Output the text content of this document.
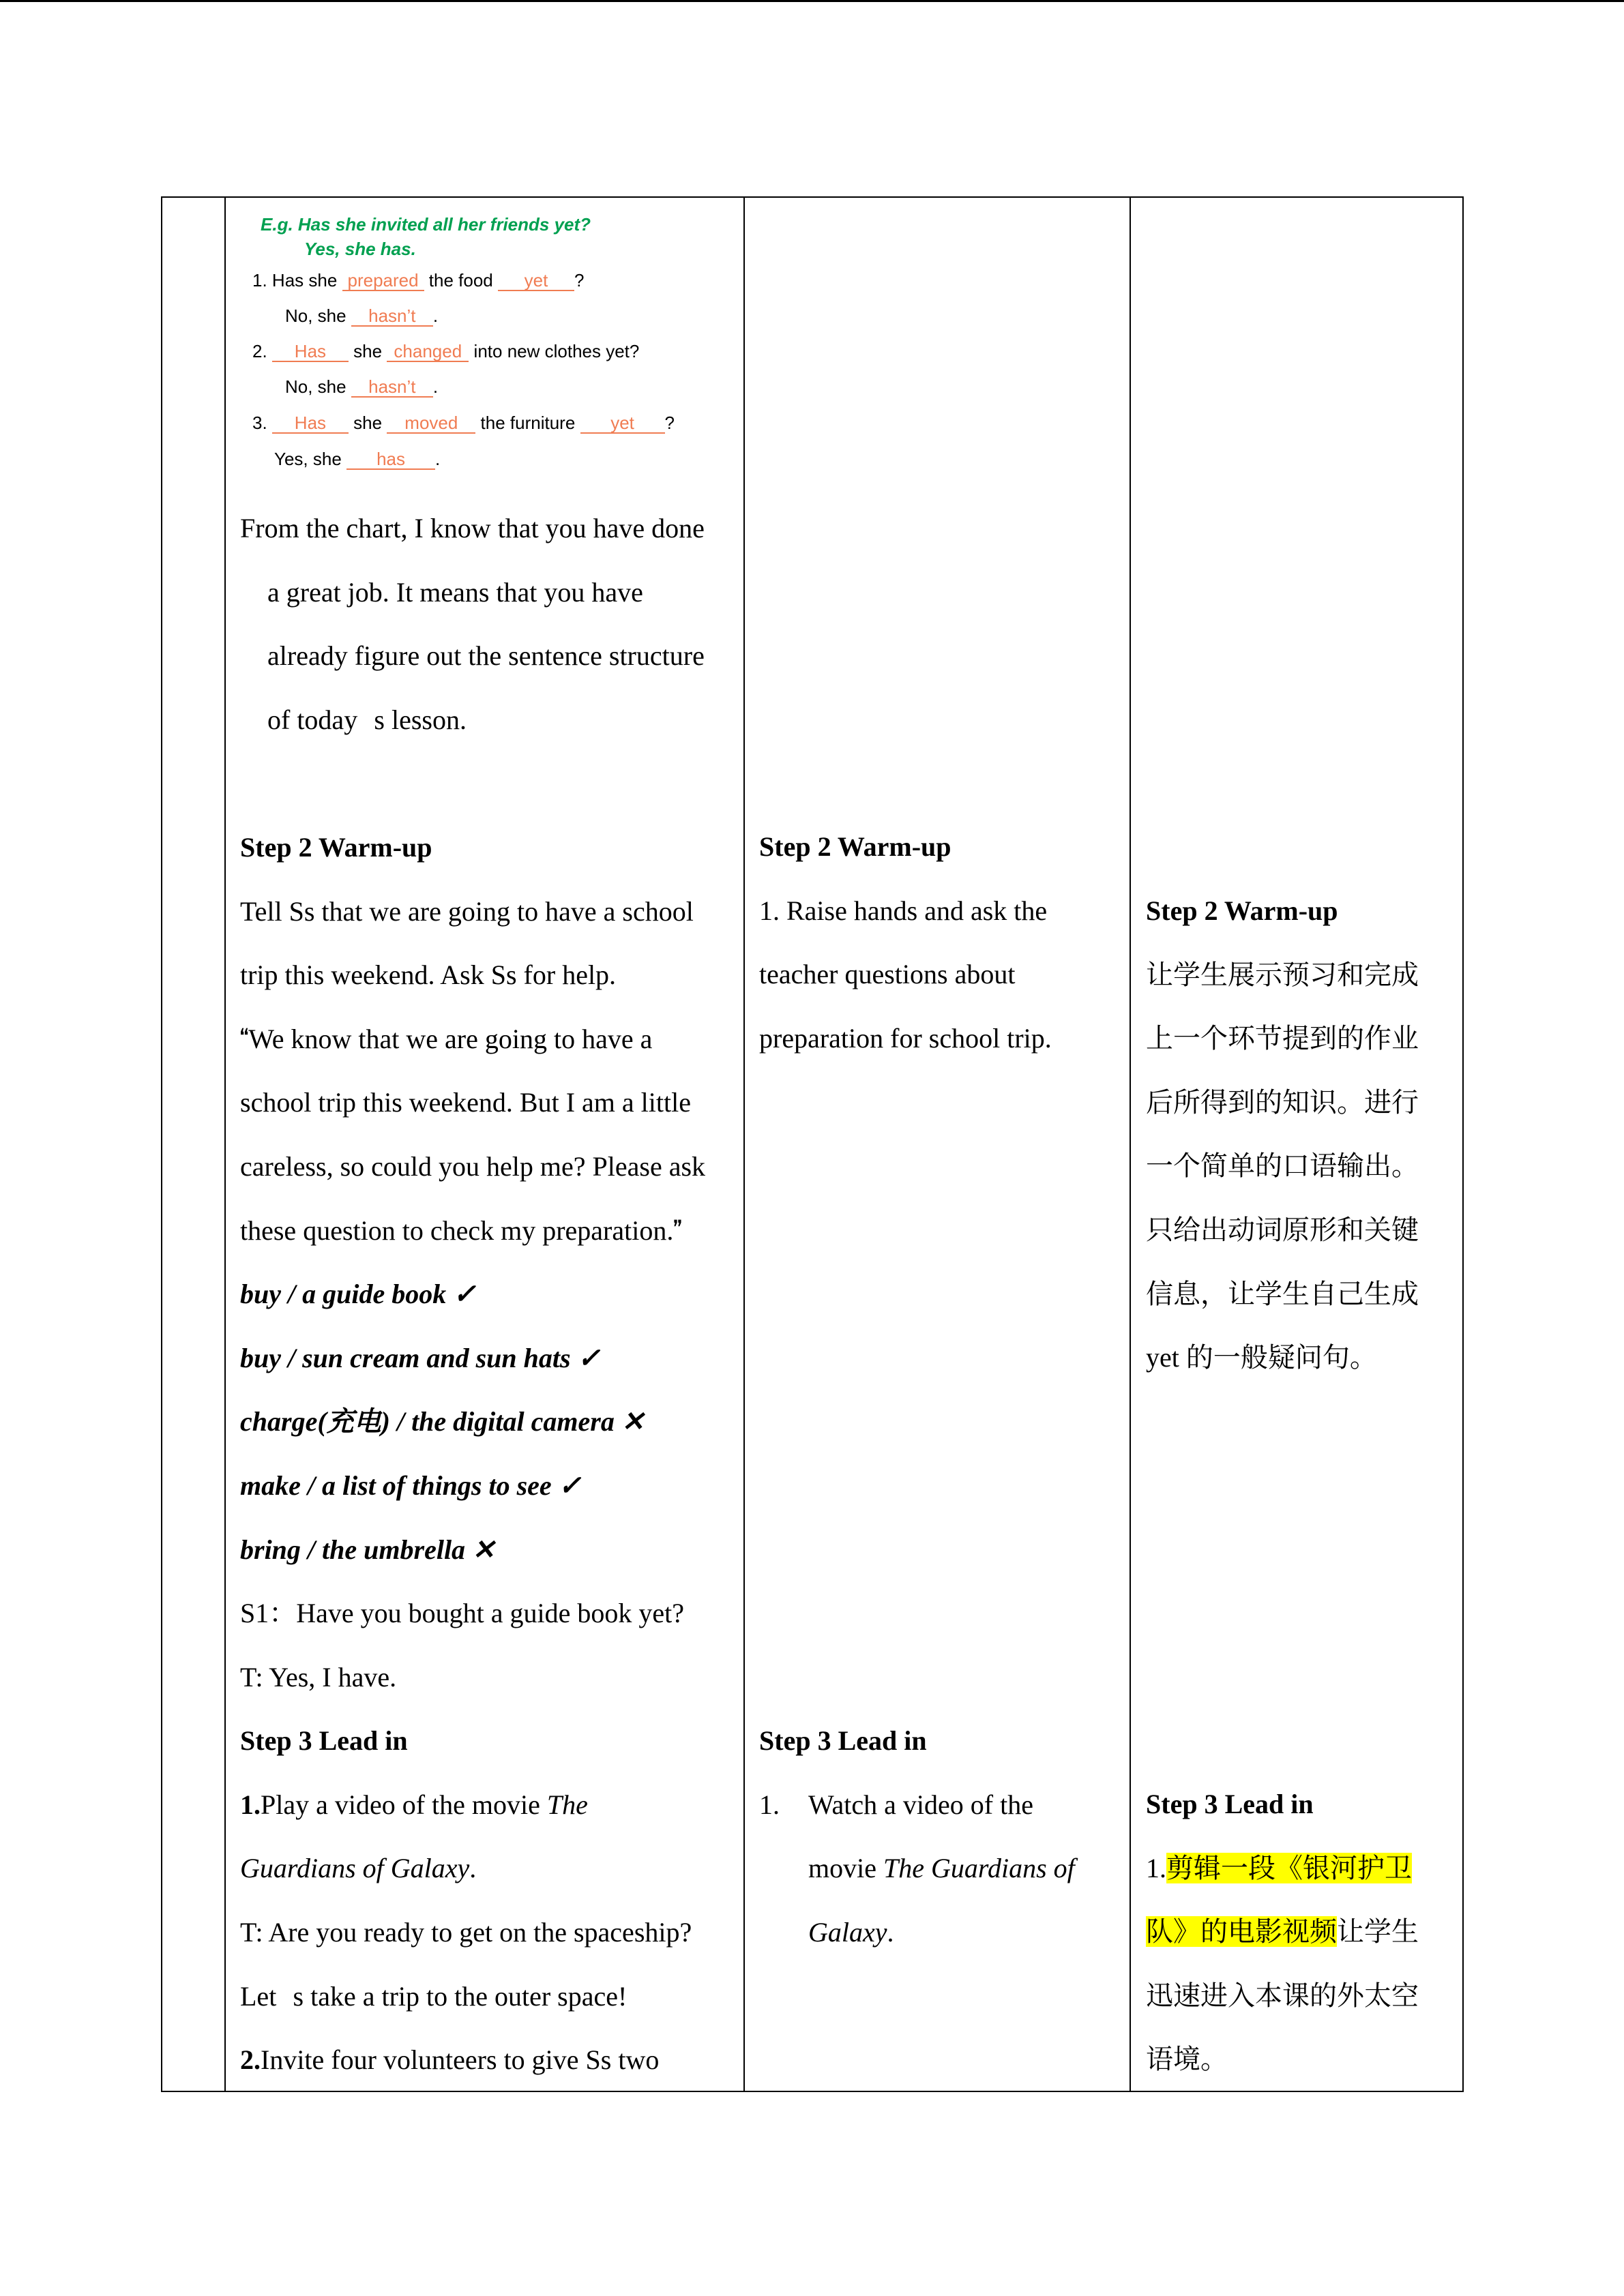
E.g. Has she invited all her friends yet?
Yes, she has.
1. Has she prepared the food yet ?
No, she hasn’t .
2. Has she changed into new clothes yet?
No, she hasn’t .
3. Has she moved the furniture yet ?
Yes, she has .

From the chart, I know that you have done

a great job. It means that you have

already figure out the sentence structure

of todays lesson.

Step 2 Warm-up

Tell Ss that we are going to have a school

trip this weekend. Ask Ss for help.

We know that we are going to have a

school trip this weekend. But I am a little

careless, so could you help me? Please ask

these question to check my preparation.

buy / a guide book ✓

buy / sun cream and sun hats ✓

charge(充电) / the digital camera ✕

make / a list of things to see ✓

bring / the umbrella ✕

S1：Have you bought a guide book yet?

T: Yes, I have.

Step 3 Lead in

1.Play a video of the movie The

Guardians of Galaxy.

T: Are you ready to get on the spaceship?

Lets take a trip to the outer space!

2.Invite four volunteers to give Ss two

Step 2 Warm-up

1. Raise hands and ask the

teacher questions about

preparation for school trip.

Step 3 Lead in

1.	Watch a video of the

movie The Guardians of

Galaxy.

Step 2 Warm-up

让学生展示预习和完成

上一个环节提到的作业

后所得到的知识。进行

一个简单的口语输出。

只给出动词原形和关键

信息，让学生自己生成

yet 的一般疑问句。

Step 3 Lead in

1.剪辑一段《银河护卫

队》的电影视频让学生

迅速进入本课的外太空

语境。
